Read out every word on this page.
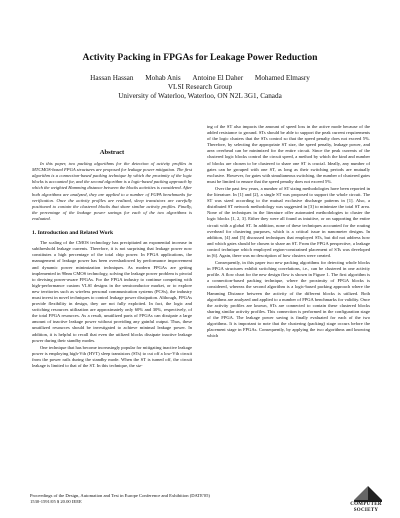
Activity Packing in FPGAs for Leakage Power Reduction
Hassan Hassan Mohab Anis Antoine El Daher Mohamed Elmasry
VLSI Research Group
University of Waterloo, Waterloo, ON N2L 3G1, Canada
Abstract

In this paper, two packing algorithms for the detection of activity profiles in MTCMOS-based FPGA structures are proposed for leakage power mitigation. The first algorithm is a connection-based packing technique by which the proximity of the logic blocks is accounted for, and the second algorithm is a logic-based packing approach by which the weighted Hamming distance between the blocks activities is considered. After both algorithms are analyzed, they are applied to a number of FGPA benchmarks for verification. Once the activity profiles are realized, sleep transistors are carefully positioned to contain the clustered blocks that share similar activity profiles. Finally, the percentage of the leakage power savings for each of the two algorithms is evaluated.

1. Introduction and Related Work

The scaling of the CMOS technology has precipitated an exponential increase in subthreshold leakage currents. Therefore, it is not surprising that leakage power now constitutes a high percentage of the total chip power. In FPGA applications, the management of leakage power has been overshadowed by performance improvement and dynamic power minimization techniques. As modern FPGAs are getting implemented in 90nm CMOS technology, solving the leakage power problem is pivotal to devising power-aware FPGAs. For the FPGA industry to continue competing with high-performance custom VLSI designs in the semiconductor market, or to explore new territories such as wireless personal communication systems (PCSs), the industry must invest in novel techniques to control leakage power dissipation. Although, FPGAs provide flexibility in design, they are not fully exploited. In fact, the logic and switching resources utilization are approximately only 60% and 30%, respectively, of the total FPGA resources. As a result, unutilized parts of FPGAs can dissipate a large amount of inactive leakage power without providing any gainful output. Thus, these unutilized resources should be investigated to achieve minimal leakage power. In addition, it is helpful to recall that even the utilized blocks dissipate inactive leakage power during their standby modes.

One technique that has become increasingly popular for mitigating inactive leakage power is employing high-Vth (HVT) sleep transistors (STs) to cut off a low-Vth circuit from the power rails during the standby mode. When the ST is turned off, the circuit leakage is limited to that of the ST. In this technique, the siz-

ing of the ST also impacts the amount of speed loss in the active mode because of the added resistance to ground. STs should be able to support the peak current requirements of the logic clusters that the STs control so that the speed penalty does not exceed 5%. Therefore, by selecting the appropriate ST size, the speed penalty, leakage power, and area overhead can be minimized for the entire circuit. Since the peak currents of the clustered logic blocks control the circuit speed, a method by which the kind and number of blocks are chosen to be clustered to share one ST is crucial. Ideally, any number of gates can be grouped with one ST, as long as their switching periods are mutually exclusive. However, for gates with simultaneous switching, the number of clustered gates must be limited to ensure that the speed penalty does not exceed 5%.

Over the past few years, a number of ST sizing methodologies have been reported in the literature. In [1] and [2], a single ST was proposed to support the whole circuit. The ST was sized according to the mutual exclusive discharge patterns in [1]. Also, a distributed ST network methodology was suggested in [3] to minimize the total ST area. None of the techniques in the literature offer automated methodologies to cluster the logic blocks [1, 2, 3]. Either they were all found as intuitive, or on supporting the entire circuit with a global ST. In addition, none of these techniques accounted for the routing overhead for clustering purposes, which is a critical issue in nanometer designs. In addition, [4] and [5] discussed techniques that employed STs, but did not address how and which gates should be chosen to share an ST. From the FPGA perspective, a leakage control technique which employed region-constrained placement of STs was developed in [6]. Again, there was no description of how clusters were created.

Consequently, in this paper two new packing algorithms for detecting whole blocks in FPGA structures exhibit switching correlations, i.e., can be clustered in one activity profile. A flow chart for the new design flow is shown in Figure 1. The first algorithm is a connection-based packing technique, where the proximity of FPGA blocks is considered, whereas the second algorithm is a logic-based packing approach where the Hamming Distance between the activity of the different blocks is utilized. Both algorithms are analyzed and applied to a number of FPGA benchmarks for validity. Once the activity profiles are known, STs are connected to contain these clustered blocks sharing similar activity profiles. This connection is performed in the configuration stage of the FPGA. The leakage power saving is finally evaluated for each of the two algorithms. It is important to note that the clustering (packing) stage occurs before the placement stage in FPGAs. Consequently, by applying the two algorithms and knowing which

Proceedings of the Design, Automation and Test in Europe Conference and Exhibition (DATE'05)
1530-1591/05 $ 20.00 IEEE
COMPUTER
SOCIETY
